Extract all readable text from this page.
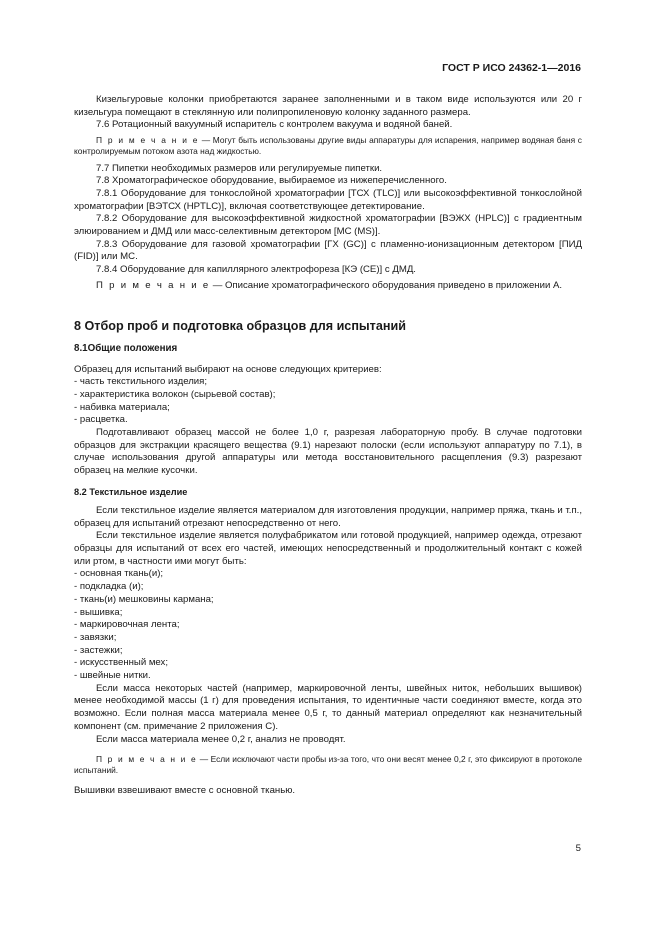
ГОСТ Р ИСО 24362-1—2016

Кизельгуровые колонки приобретаются заранее заполненными и в таком виде используются или 20 г кизельгура помещают в стеклянную или полипропиленовую колонку заданного размера.

7.6 Ротационный вакуумный испаритель с контролем вакуума и водяной баней.

П р и м е ч а н и е — Могут быть использованы другие виды аппаратуры для испарения, например водяная баня с контролируемым потоком азота над жидкостью.

7.7 Пипетки необходимых размеров или регулируемые пипетки.

7.8 Хроматографическое оборудование, выбираемое из нижеперечисленного.

7.8.1 Оборудование для тонкослойной хроматографии [ТСХ (TLC)] или высокоэффективной тонкослойной хроматографии [ВЭТСХ (HPTLC)], включая соответствующее детектирование.

7.8.2 Оборудование для высокоэффективной жидкостной хроматографии [ВЭЖХ (HPLC)] с градиентным элюированием и ДМД или масс-селективным детектором [МС (MS)].

7.8.3 Оборудование для газовой хроматографии [ГХ (GC)] с пламенно-ионизационным детектором [ПИД (FID)] или МС.

7.8.4 Оборудование для капиллярного электрофореза [КЭ (CE)] с ДМД.

П р и м е ч а н и е — Описание хроматографического оборудования приведено в приложении А.

8 Отбор проб и подготовка образцов для испытаний
8.1Общие положения

Образец для испытаний выбирают на основе следующих критериев:

- часть текстильного изделия;

- характеристика волокон (сырьевой состав);

- набивка материала;

- расцветка.

Подготавливают образец массой не более 1,0 г, разрезая лабораторную пробу. В случае подготовки образцов для экстракции красящего вещества (9.1) нарезают полоски (если используют аппаратуру по 7.1), в случае использования другой аппаратуры или метода восстановительного расщепления (9.3) разрезают образец на мелкие кусочки.

8.2 Текстильное изделие

Если текстильное изделие является материалом для изготовления продукции, например пряжа, ткань и т.п., образец для испытаний отрезают непосредственно от него.

Если текстильное изделие является полуфабрикатом или готовой продукцией, например одежда, отрезают образцы для испытаний от всех его частей, имеющих непосредственный и продолжительный контакт с кожей или ртом, в частности ими могут быть:

- основная ткань(и);

- подкладка (и);

- ткань(и) мешковины кармана;

- вышивка;

- маркировочная лента;

- завязки;

- застежки;

- искусственный мех;

- швейные нитки.

Если масса некоторых частей (например, маркировочной ленты, швейных ниток, небольших вышивок) менее необходимой массы (1 г) для проведения испытания, то идентичные части соединяют вместе, когда это возможно. Если полная масса материала менее 0,5 г, то данный материал определяют как незначительный компонент (см. примечание 2 приложения С).

Если масса материала менее 0,2 г, анализ не проводят.

П р и м е ч а н и е — Если исключают части пробы из-за того, что они весят менее 0,2 г, это фиксируют в протоколе испытаний.

Вышивки взвешивают вместе с основной тканью.

5
